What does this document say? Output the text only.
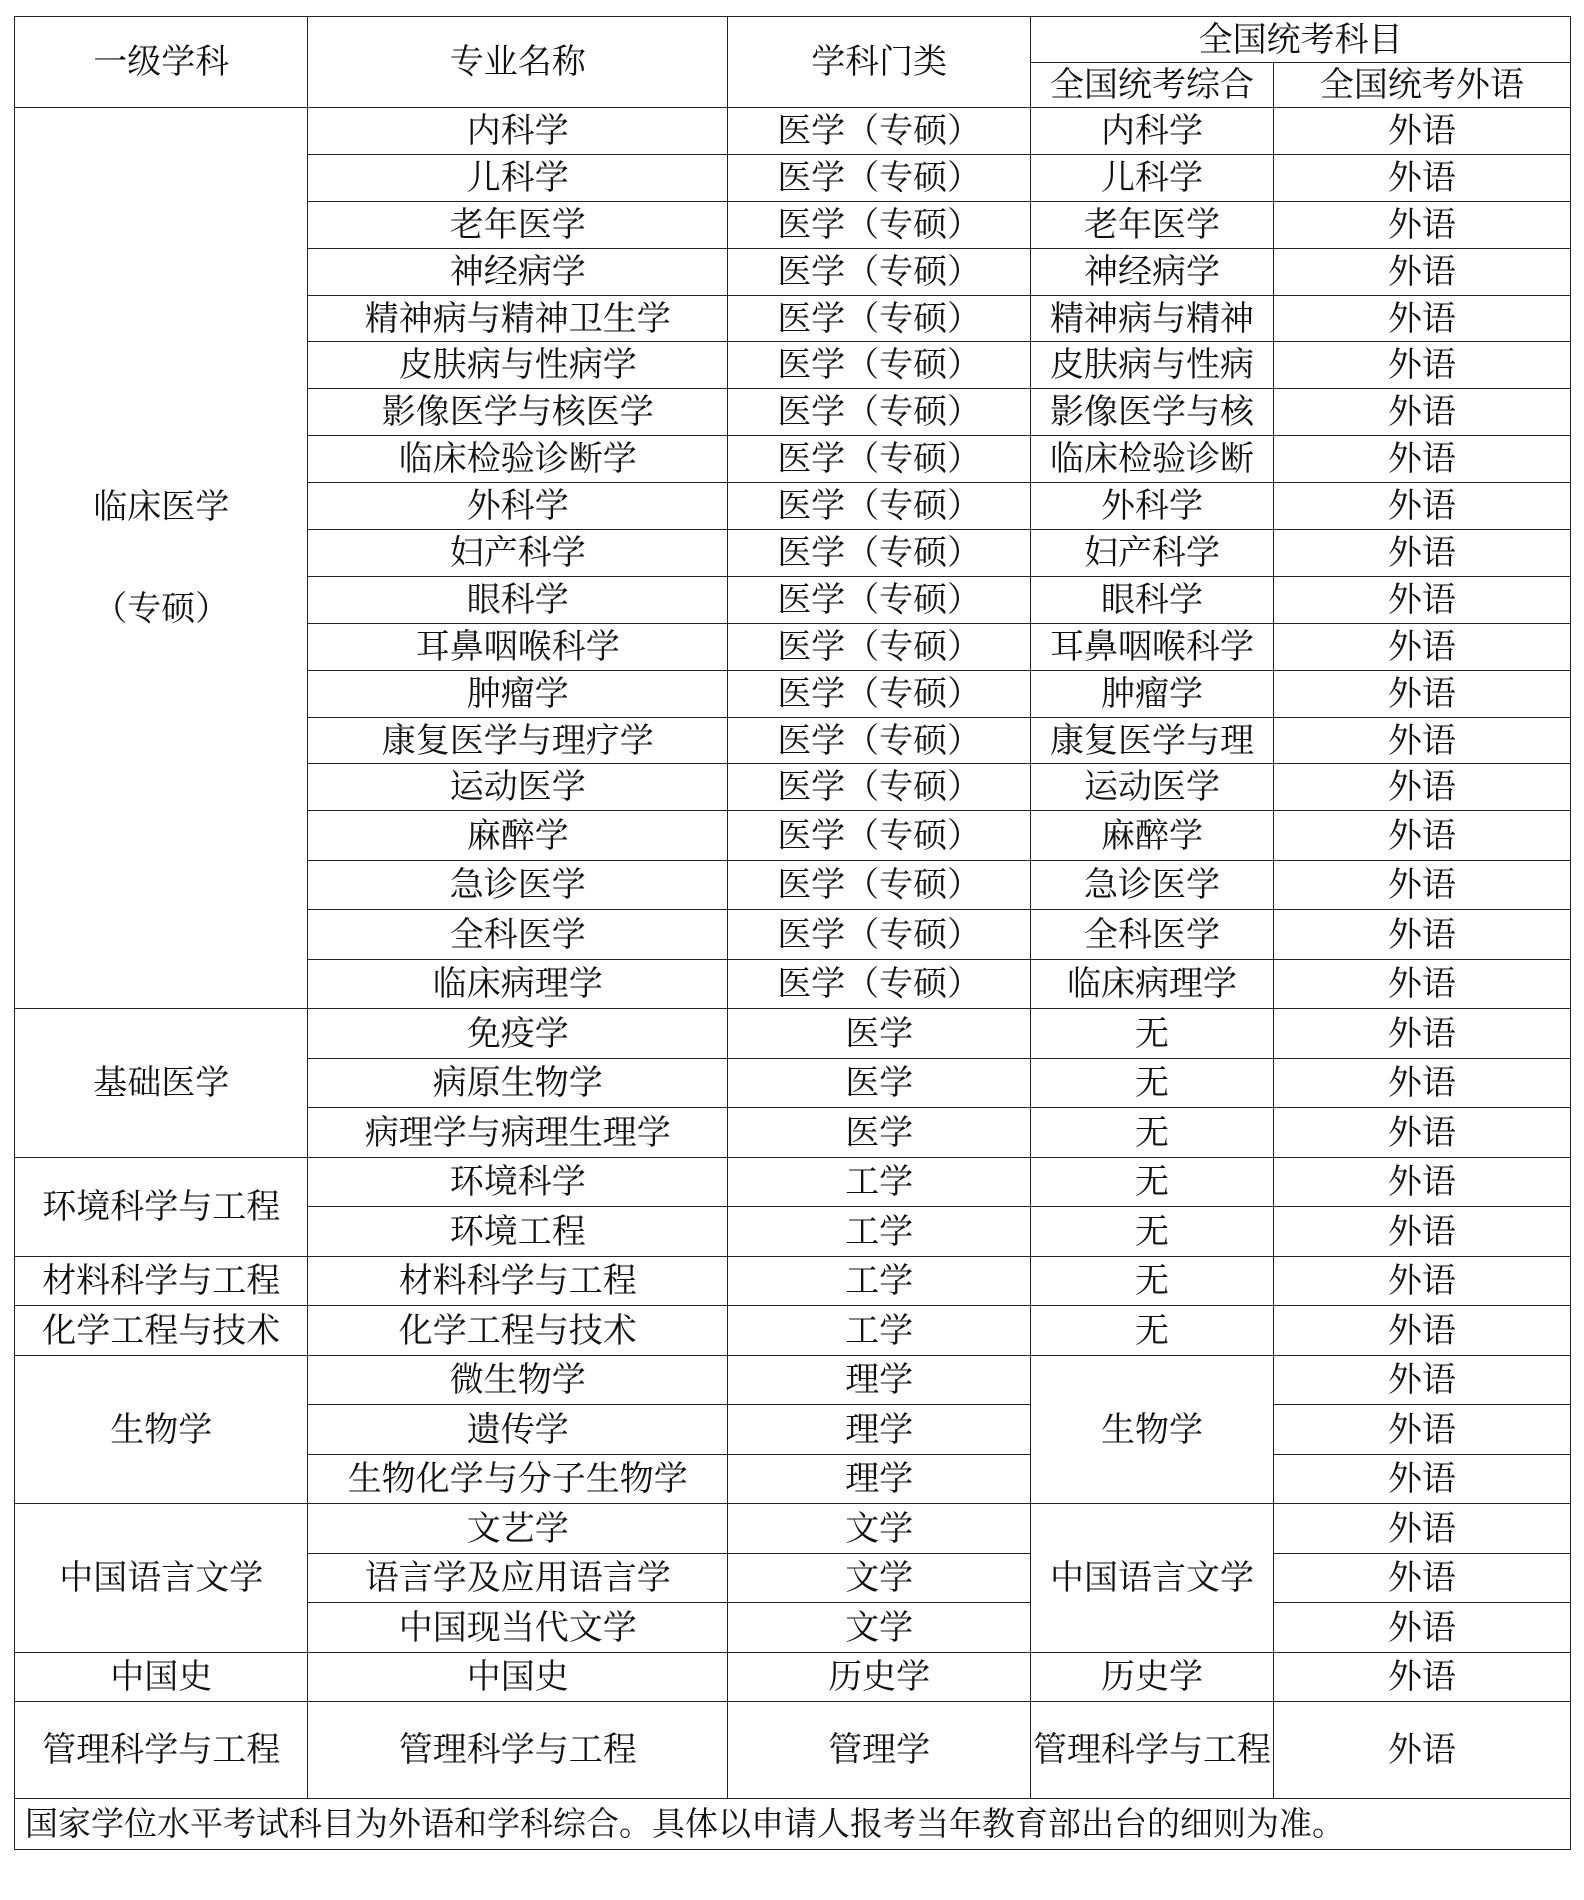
一级学科	专业名称	学科门类	全国统考科目	
			全国统考综合	全国统考外语

临床医学
（专硕）	内科学	医学（专硕）	内科学	外语
	儿科学	医学（专硕）	儿科学	外语
	老年医学	医学（专硕）	老年医学	外语
	神经病学	医学（专硕）	神经病学	外语
	精神病与精神卫生学	医学（专硕）	精神病与精神	外语
	皮肤病与性病学	医学（专硕）	皮肤病与性病	外语
	影像医学与核医学	医学（专硕）	影像医学与核	外语
	临床检验诊断学	医学（专硕）	临床检验诊断	外语
	外科学	医学（专硕）	外科学	外语
	妇产科学	医学（专硕）	妇产科学	外语
	眼科学	医学（专硕）	眼科学	外语
	耳鼻咽喉科学	医学（专硕）	耳鼻咽喉科学	外语
	肿瘤学	医学（专硕）	肿瘤学	外语
	康复医学与理疗学	医学（专硕）	康复医学与理	外语
	运动医学	医学（专硕）	运动医学	外语
	麻醉学	医学（专硕）	麻醉学	外语
	急诊医学	医学（专硕）	急诊医学	外语
	全科医学	医学（专硕）	全科医学	外语
	临床病理学	医学（专硕）	临床病理学	外语
基础医学	免疫学	医学	无	外语
	病原生物学	医学	无	外语
	病理学与病理生理学	医学	无	外语
环境科学与工程	环境科学	工学	无	外语
	环境工程	工学	无	外语
材料科学与工程	材料科学与工程	工学	无	外语
化学工程与技术	化学工程与技术	工学	无	外语
生物学	微生物学	理学	生物学	外语
	遗传学	理学		外语
	生物化学与分子生物学	理学		外语
中国语言文学	文艺学	文学	中国语言文学	外语
	语言学及应用语言学	文学		外语
	中国现当代文学	文学		外语
中国史	中国史	历史学	历史学	外语
管理科学与工程	管理科学与工程	管理学	管理科学与工程	外语
国家学位水平考试科目为外语和学科综合。具体以申请人报考当年教育部出台的细则为准。				
